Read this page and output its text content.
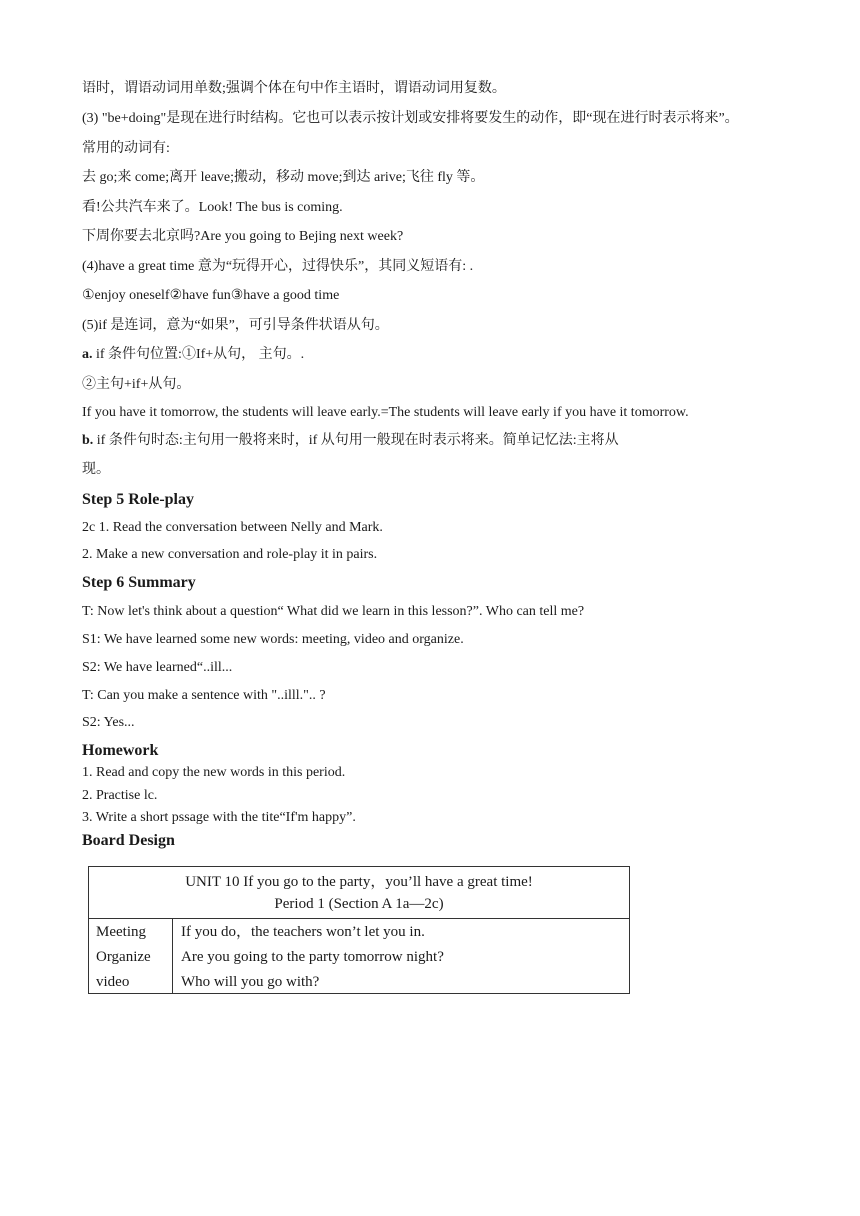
语时，谓语动词用单数;强调个体在句中作主语时，谓语动词用复数。
(3) "be+doing"是现在进行时结构。它也可以表示按计划或安排将要发生的动作，即“现在进行时表示将来”。
常用的动词有:
去 go;来 come;离开 leave;搬动，移动 move;到达 arive;飞往 fly 等。
看!公共汽车来了。Look! The bus is coming.
下周你要去北京吗?Are you going to Bejing next week?
(4)have a great time 意为“玩得开心，过得快乐”，其同义短语有: .
①enjoy oneself②have fun③have a good time
(5)if 是连词，意为“如果”，可引导条件状语从句。
a. if 条件句位置:①If+从句， 主句。.
②主句+if+从句。
If you have it tomorrow, the students will leave early.=The students will leave early if you have it tomorrow.
b. if 条件句时态:主句用一般将来时，if 从句用一般现在时表示将来。简单记忆法:主将从
现。
Step 5 Role-play
2c 1. Read the conversation between Nelly and Mark.
2. Make a new conversation and role-play it in pairs.
Step 6 Summary
T: Now let's think about a question“ What did we learn in this lesson?”. Who can tell me?
S1: We have learned some new words: meeting, video and organize.
S2: We have learned“..ill...
T: Can you make a sentence with "..illl.".. ?
S2: Yes...
Homework
1. Read and copy the new words in this period.
2. Practise lc.
3. Write a short pssage with the tite“If'm happy”.
Board Design
UNIT 10 If you go to the party，you’ll have a great time!
Period 1 (Section A 1a—2c)
Meeting
Organize
video
If you do，the teachers won’t let you in.
Are you going to the party tomorrow night?
Who will you go with?
